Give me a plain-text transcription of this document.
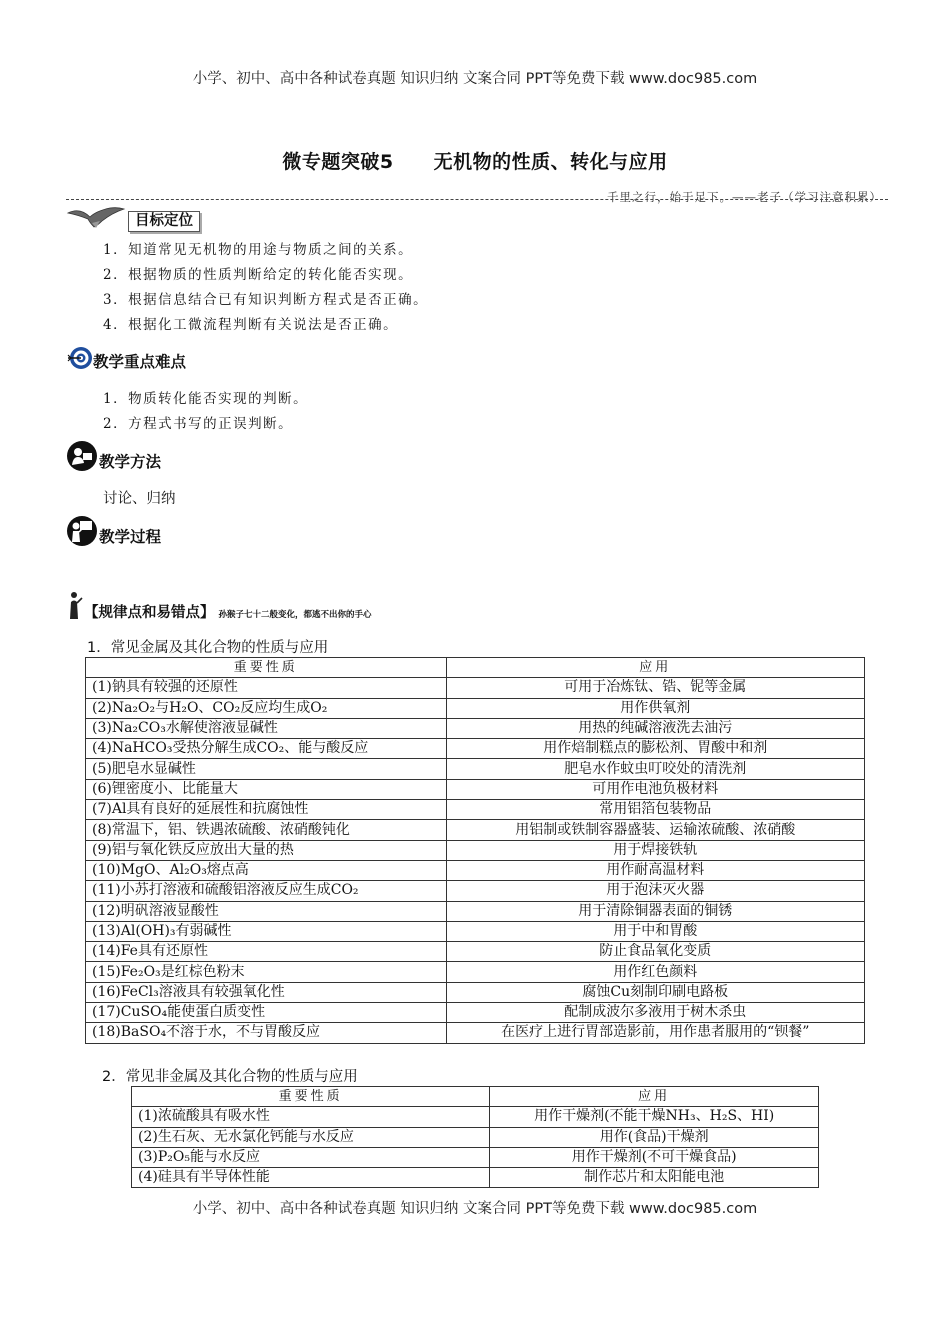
小学、初中、高中各种试卷真题 知识归纳 文案合同 PPT等免费下载 www.doc985.com
微专题突破5 无机物的性质、转化与应用
千里之行，始于足下。——老子（学习注意积累）
目标定位
1．知道常见无机物的用途与物质之间的关系。
2．根据物质的性质判断给定的转化能否实现。
3．根据信息结合已有知识判断方程式是否正确。
4．根据化工微流程判断有关说法是否正确。
教学重点难点
1．物质转化能否实现的判断。
2．方程式书写的正误判断。
教学方法
讨论、归纳
教学过程
【规律点和易错点】 孙猴子七十二般变化，都逃不出你的手心
1．常见金属及其化合物的性质与应用
重要性质	应用
(1)钠具有较强的还原性	可用于冶炼钛、锆、铌等金属
(2)Na₂O₂与H₂O、CO₂反应均生成O₂	用作供氧剂
(3)Na₂CO₃水解使溶液显碱性	用热的纯碱溶液洗去油污
(4)NaHCO₃受热分解生成CO₂、能与酸反应	用作焙制糕点的膨松剂、胃酸中和剂
(5)肥皂水显碱性	肥皂水作蚊虫叮咬处的清洗剂
(6)锂密度小、比能量大	可用作电池负极材料
(7)Al具有良好的延展性和抗腐蚀性	常用铝箔包装物品
(8)常温下，铝、铁遇浓硫酸、浓硝酸钝化	用铝制或铁制容器盛装、运输浓硫酸、浓硝酸
(9)铝与氧化铁反应放出大量的热	用于焊接铁轨
(10)MgO、Al₂O₃熔点高	用作耐高温材料
(11)小苏打溶液和硫酸铝溶液反应生成CO₂	用于泡沫灭火器
(12)明矾溶液显酸性	用于清除铜器表面的铜锈
(13)Al(OH)₃有弱碱性	用于中和胃酸
(14)Fe具有还原性	防止食品氧化变质
(15)Fe₂O₃是红棕色粉末	用作红色颜料
(16)FeCl₃溶液具有较强氧化性	腐蚀Cu刻制印刷电路板
(17)CuSO₄能使蛋白质变性	配制成波尔多液用于树木杀虫
(18)BaSO₄不溶于水，不与胃酸反应	在医疗上进行胃部造影前，用作患者服用的“钡餐”
2．常见非金属及其化合物的性质与应用
重要性质	应用
(1)浓硫酸具有吸水性	用作干燥剂(不能干燥NH₃、H₂S、HI)
(2)生石灰、无水氯化钙能与水反应	用作(食品)干燥剂
(3)P₂O₅能与水反应	用作干燥剂(不可干燥食品)
(4)硅具有半导体性能	制作芯片和太阳能电池
小学、初中、高中各种试卷真题 知识归纳 文案合同 PPT等免费下载 www.doc985.com
